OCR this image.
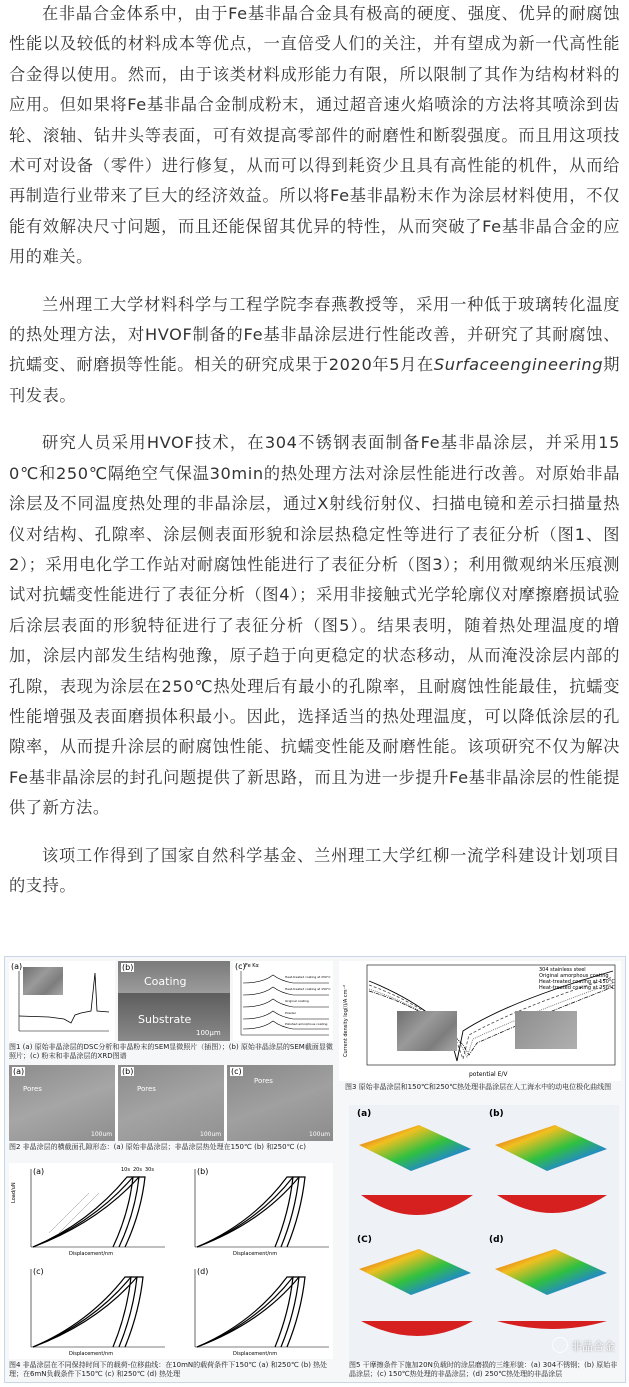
在非晶合金体系中，由于Fe基非晶合金具有极高的硬度、强度、优异的耐腐蚀性能以及较低的材料成本等优点，一直倍受人们的关注，并有望成为新一代高性能合金得以使用。然而，由于该类材料成形能力有限，所以限制了其作为结构材料的应用。但如果将Fe基非晶合金制成粉末，通过超音速火焰喷涂的方法将其喷涂到齿轮、滚轴、钻井头等表面，可有效提高零部件的耐磨性和断裂强度。而且用这项技术可对设备（零件）进行修复，从而可以得到耗资少且具有高性能的机件，从而给再制造行业带来了巨大的经济效益。所以将Fe基非晶粉末作为涂层材料使用，不仅能有效解决尺寸问题，而且还能保留其优异的特性，从而突破了Fe基非晶合金的应用的难关。

兰州理工大学材料科学与工程学院李春燕教授等，采用一种低于玻璃转化温度的热处理方法，对HVOF制备的Fe基非晶涂层进行性能改善，并研究了其耐腐蚀、抗蠕变、耐磨损等性能。相关的研究成果于2020年5月在Surfaceengineering期刊发表。

研究人员采用HVOF技术，在304不锈钢表面制备Fe基非晶涂层，并采用150℃和250℃隔绝空气保温30min的热处理方法对涂层性能进行改善。对原始非晶涂层及不同温度热处理的非晶涂层，通过X射线衍射仪、扫描电镜和差示扫描量热仪对结构、孔隙率、涂层侧表面形貌和涂层热稳定性等进行了表征分析（图1、图2）；采用电化学工作站对耐腐蚀性能进行了表征分析（图3）；利用微观纳米压痕测试对抗蠕变性能进行了表征分析（图4）；采用非接触式光学轮廓仪对摩擦磨损试验后涂层表面的形貌特征进行了表征分析（图5）。结果表明，随着热处理温度的增加，涂层内部发生结构弛豫，原子趋于向更稳定的状态移动，从而淹没涂层内部的孔隙，表现为涂层在250℃热处理后有最小的孔隙率，且耐腐蚀性能最佳，抗蠕变性能增强及表面磨损体积最小。因此，选择适当的热处理温度，可以降低涂层的孔隙率，从而提升涂层的耐腐蚀性能、抗蠕变性能及耐磨性能。该项研究不仅为解决Fe基非晶涂层的封孔问题提供了新思路，而且为进一步提升Fe基非晶涂层的性能提供了新方法。

该项工作得到了国家自然科学基金、兰州理工大学红柳一流学科建设计划项目的支持。

(a)	(b)
Coating
Substrate
100μm
(c) Fe Kα
Heat-treated coating at 250°C
Heat-treated coating at 150°C
Original coating
Powder
Polished amorphous coating
图1 (a) 原始非晶涂层的DSC分析和非晶粉末的SEM显微照片（插图）；(b) 原始非晶涂层的SEM截面显微照片；(c) 粉末和非晶涂层的XRD图谱
(a)	(b)	(c)
Pores	Pores
Pores
100um	100um	100um
图2 非晶涂层的横截面孔隙形态：(a) 原始非晶涂层；非晶涂层热处理在150℃ (b) 和250℃ (c)
(a)	(b)
(c)	(d)
10s 20s 30s
Displacement/nm	Displacement/nm
Displacement/nm	Displacement/nm
Load/uN
图4 非晶涂层在不同保持时间下的载荷-位移曲线：在10mN的载荷条件下150℃ (a) 和250℃ (b) 热处理；在6mN负载条件下150℃ (c) 和250℃ (d) 热处理
304 stainless steel
Original amorphous coating
Heat-treated coating at 150°C
Heat-treated coating at 250°C
potential E/V
Current density log(i)/A cm⁻²
图3 原始非晶涂层和150℃和250℃热处理非晶涂层在人工海水中的动电位极化曲线图
(a)	(b)
(C)	(d)
图5 干摩擦条件下施加20N负载时的涂层磨损的三维形貌：(a) 304不锈钢；(b) 原始非晶涂层；(c) 150℃热处理的非晶涂层；(d) 250℃热处理的非晶涂层
非晶合金
